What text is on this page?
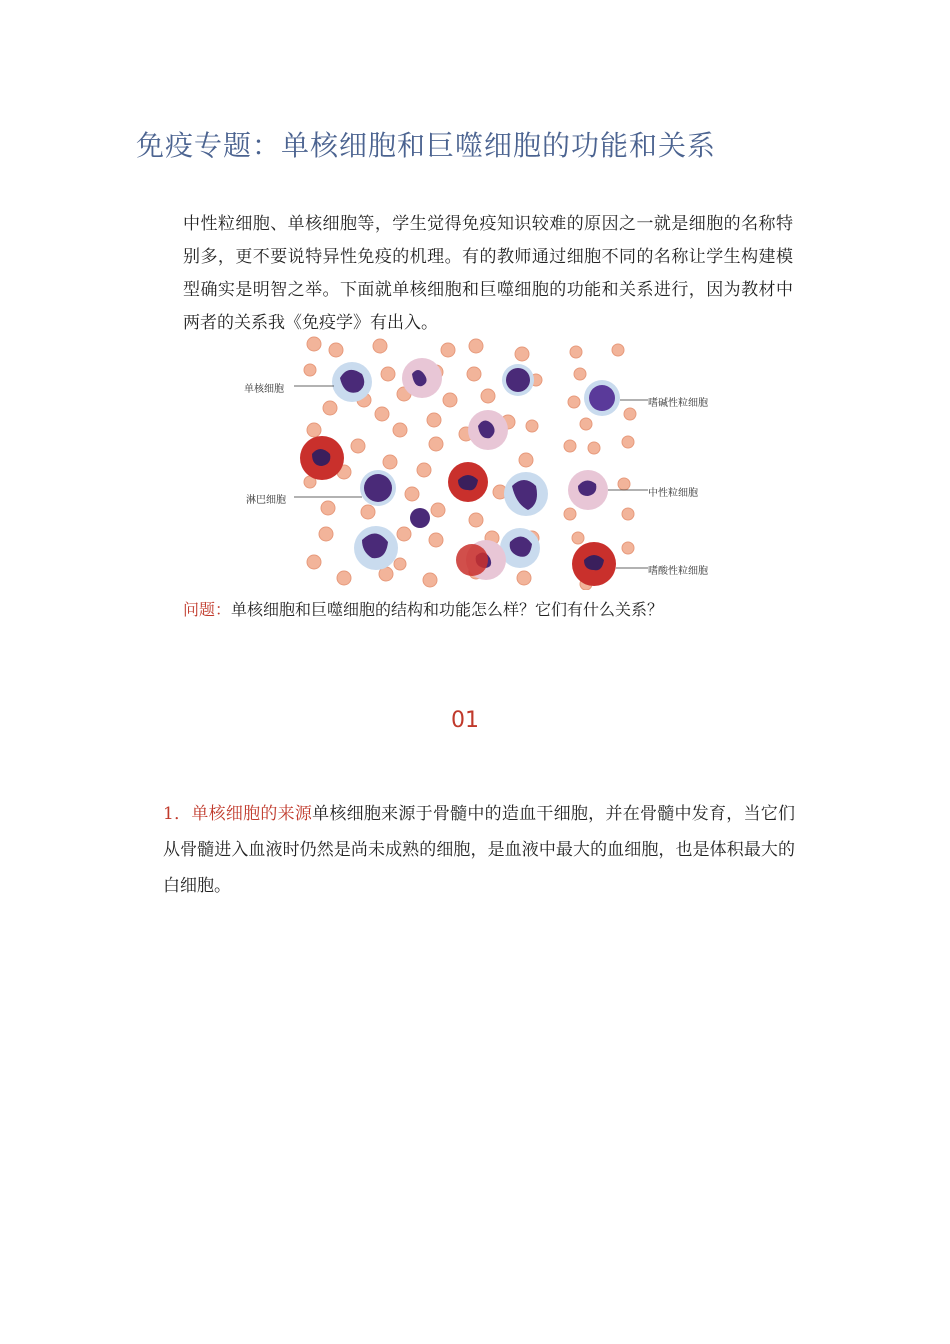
免疫专题：单核细胞和巨噬细胞的功能和关系

中性粒细胞、单核细胞等，学生觉得免疫知识较难的原因之一就是细胞的名称特别多，更不要说特异性免疫的机理。有的教师通过细胞不同的名称让学生构建模型确实是明智之举。下面就单核细胞和巨噬细胞的功能和关系进行，因为教材中两者的关系我《免疫学》有出入。

单核细胞
淋巴细胞
嗜碱性粒细胞
中性粒细胞
嗜酸性粒细胞
问题：单核细胞和巨噬细胞的结构和功能怎么样？它们有什么关系？
01

1．单核细胞的来源单核细胞来源于骨髓中的造血干细胞，并在骨髓中发育，当它们从骨髓进入血液时仍然是尚未成熟的细胞，是血液中最大的血细胞，也是体积最大的白细胞。
